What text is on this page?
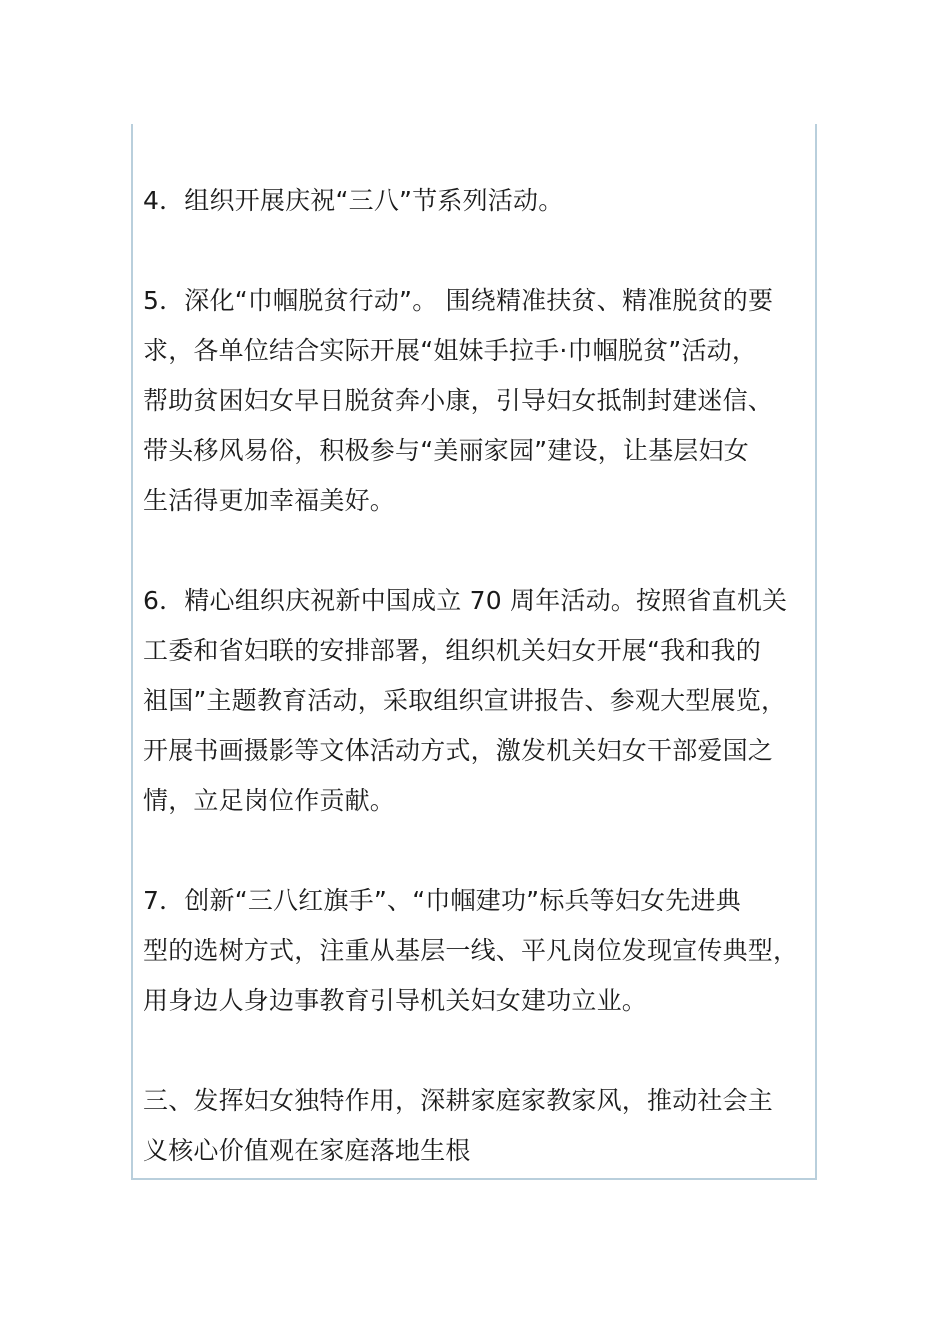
4．组织开展庆祝“三八”节系列活动。

5．深化“巾帼脱贫行动”。 围绕精准扶贫、精准脱贫的要
求，各单位结合实际开展“姐妹手拉手·巾帼脱贫”活动，
帮助贫困妇女早日脱贫奔小康，引导妇女抵制封建迷信、
带头移风易俗，积极参与“美丽家园”建设，让基层妇女
生活得更加幸福美好。

6．精心组织庆祝新中国成立 70 周年活动。按照省直机关
工委和省妇联的安排部署，组织机关妇女开展“我和我的
祖国”主题教育活动，采取组织宣讲报告、参观大型展览，
开展书画摄影等文体活动方式，激发机关妇女干部爱国之
情，立足岗位作贡献。

7．创新“三八红旗手”、“巾帼建功”标兵等妇女先进典
型的选树方式，注重从基层一线、平凡岗位发现宣传典型，
用身边人身边事教育引导机关妇女建功立业。

三、发挥妇女独特作用，深耕家庭家教家风，推动社会主
义核心价值观在家庭落地生根
